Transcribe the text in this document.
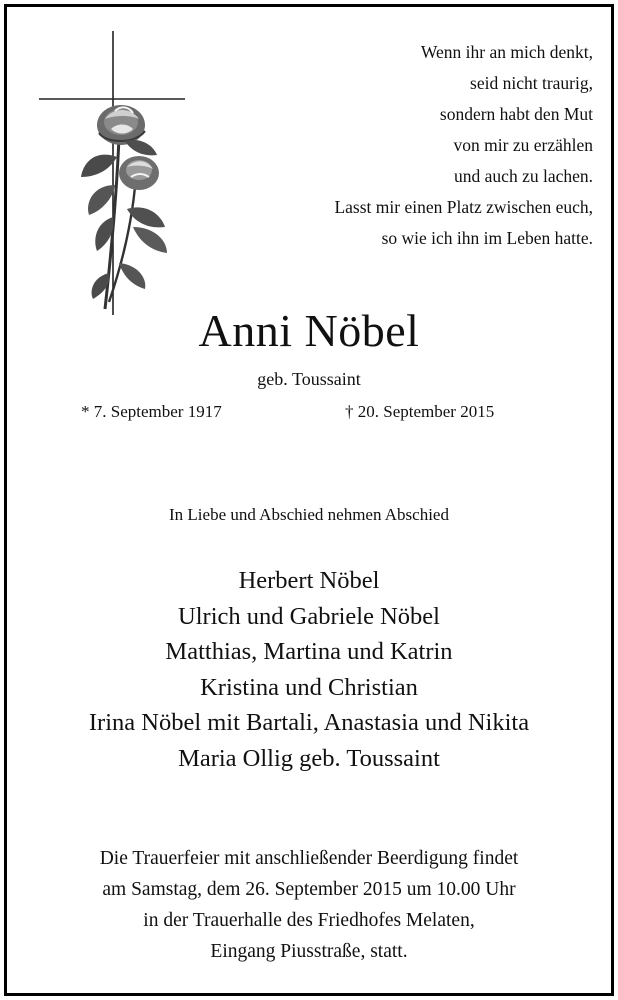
Wenn ihr an mich denkt,
seid nicht traurig,
sondern habt den Mut
von mir zu erzählen
und auch zu lachen.
Lasst mir einen Platz zwischen euch,
so wie ich ihn im Leben hatte.
Anni Nöbel
geb. Toussaint
* 7. September 1917	† 20. September 2015
In Liebe und Abschied nehmen Abschied
Herbert Nöbel
Ulrich und Gabriele Nöbel
Matthias, Martina und Katrin
Kristina und Christian
Irina Nöbel mit Bartali, Anastasia und Nikita
Maria Ollig geb. Toussaint
Die Trauerfeier mit anschließender Beerdigung findet
am Samstag, dem 26. September 2015 um 10.00 Uhr
in der Trauerhalle des Friedhofes Melaten,
Eingang Piusstraße, statt.
